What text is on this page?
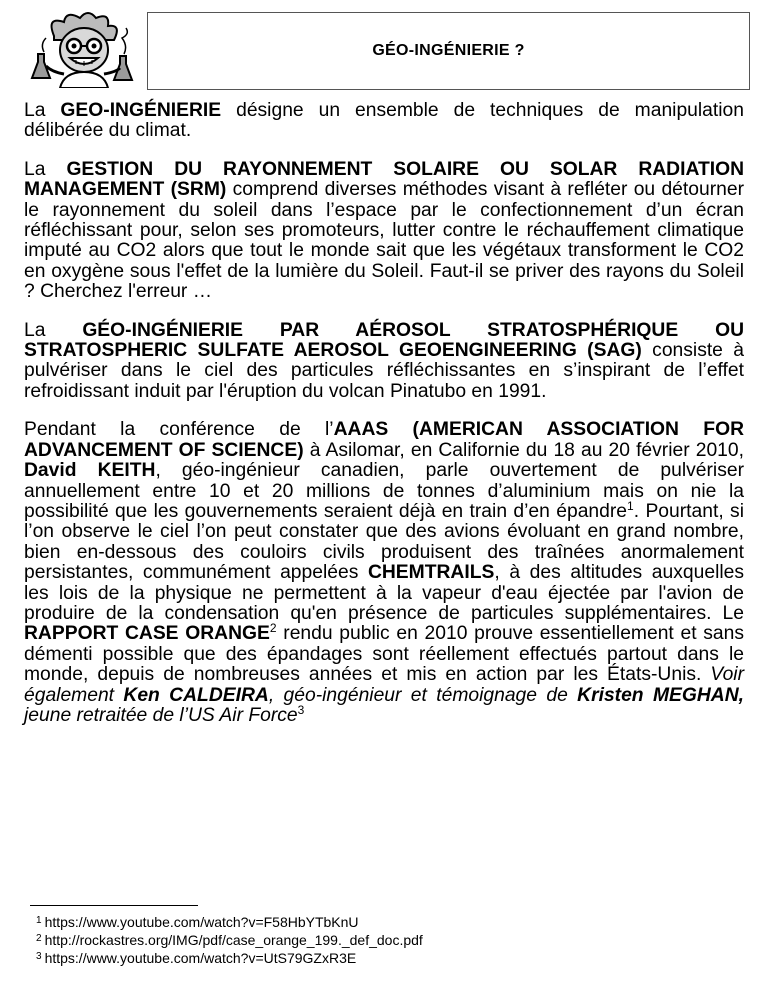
GÉO-INGÉNIERIE ?

La GEO-INGÉNIERIE désigne un ensemble de techniques de manipulation délibérée du climat.

La GESTION DU RAYONNEMENT SOLAIRE OU SOLAR RADIATION MANAGEMENT (SRM) comprend diverses méthodes visant à refléter ou détourner le rayonnement du soleil dans l’espace par le confectionnement d’un écran réfléchissant pour, selon ses promoteurs, lutter contre le réchauffement climatique imputé au CO2 alors que tout le monde sait que les végétaux transforment le CO2 en oxygène sous l'effet de la lumière du Soleil. Faut-il se priver des rayons du Soleil ? Cherchez l'erreur …

La GÉO-INGÉNIERIE PAR AÉROSOL STRATOSPHÉRIQUE OU STRATOSPHERIC SULFATE AEROSOL GEOENGINEERING (SAG) consiste à pulvériser dans le ciel des particules réfléchissantes en s’inspirant de l’effet refroidissant induit par l'éruption du volcan Pinatubo en 1991.

Pendant la conférence de l’AAAS (AMERICAN ASSOCIATION FOR ADVANCEMENT OF SCIENCE) à Asilomar, en Californie du 18 au 20 février 2010, David KEITH, géo-ingénieur canadien, parle ouvertement de pulvériser annuellement entre 10 et 20 millions de tonnes d’aluminium mais on nie la possibilité que les gouvernements seraient déjà en train d’en épandre$^1$. Pourtant, si l’on observe le ciel l’on peut constater que des avions évoluant en grand nombre, bien en-dessous des couloirs civils produisent des traînées anormalement persistantes, communément appelées CHEMTRAILS, à des altitudes auxquelles les lois de la physique ne permettent à la vapeur d'eau éjectée par l'avion de produire de la condensation qu'en présence de particules supplémentaires. Le RAPPORT CASE ORANGE$^2$ rendu public en 2010 prouve essentiellement et sans démenti possible que des épandages sont réellement effectués partout dans le monde, depuis de nombreuses années et mis en action par les États-Unis. Voir également Ken CALDEIRA, géo-ingénieur et témoignage de Kristen MEGHAN, jeune retraitée de l’US Air Force$^3$

$^1$ https://www.youtube.com/watch?v=F58HbYTbKnU
$^2$ http://rockastres.org/IMG/pdf/case_orange_199._def_doc.pdf
$^3$ https://www.youtube.com/watch?v=UtS79GZxR3E
